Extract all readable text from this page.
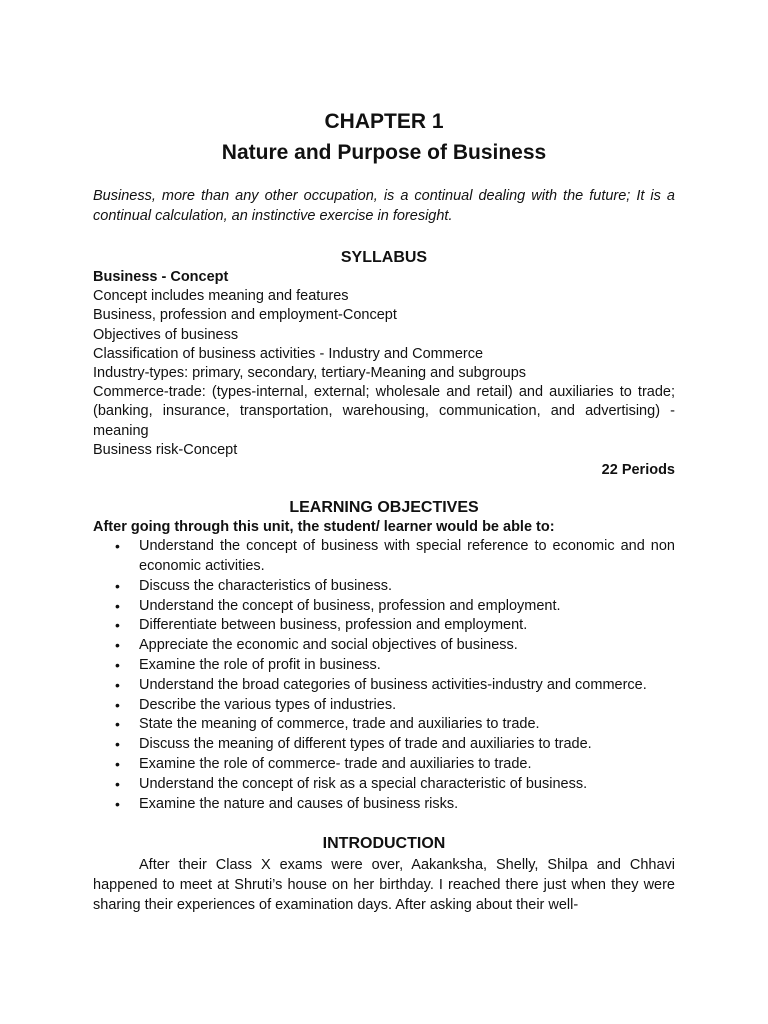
CHAPTER 1
Nature and Purpose of Business

Business, more than any other occupation, is a continual dealing with the future; It is a continual calculation, an instinctive exercise in foresight.

SYLLABUS
Business - Concept
Concept includes meaning and features
Business, profession and employment-Concept
Objectives of business
Classification of business activities - Industry and Commerce
Industry-types: primary, secondary, tertiary-Meaning and subgroups
Commerce-trade: (types-internal, external; wholesale and retail) and auxiliaries to trade; (banking, insurance, transportation, warehousing, communication, and advertising) - meaning
Business risk-Concept

22 Periods

LEARNING OBJECTIVES
After going through this unit, the student/ learner would be able to:
• Understand the concept of business with special reference to economic and non economic activities.
• Discuss the characteristics of business.
• Understand the concept of business, profession and employment.
• Differentiate between business, profession and employment.
• Appreciate the economic and social objectives of business.
• Examine the role of profit in business.
• Understand the broad categories of business activities-industry and commerce.
• Describe the various types of industries.
• State the meaning of commerce, trade and auxiliaries to trade.
• Discuss the meaning of different types of trade and auxiliaries to trade.
• Examine the role of commerce- trade and auxiliaries to trade.
• Understand the concept of risk as a special characteristic of business.
• Examine the nature and causes of business risks.
INTRODUCTION

After their Class X exams were over, Aakanksha, Shelly, Shilpa and Chhavi happened to meet at Shruti’s house on her birthday. I reached there just when they were sharing their experiences of examination days. After asking about their well-
